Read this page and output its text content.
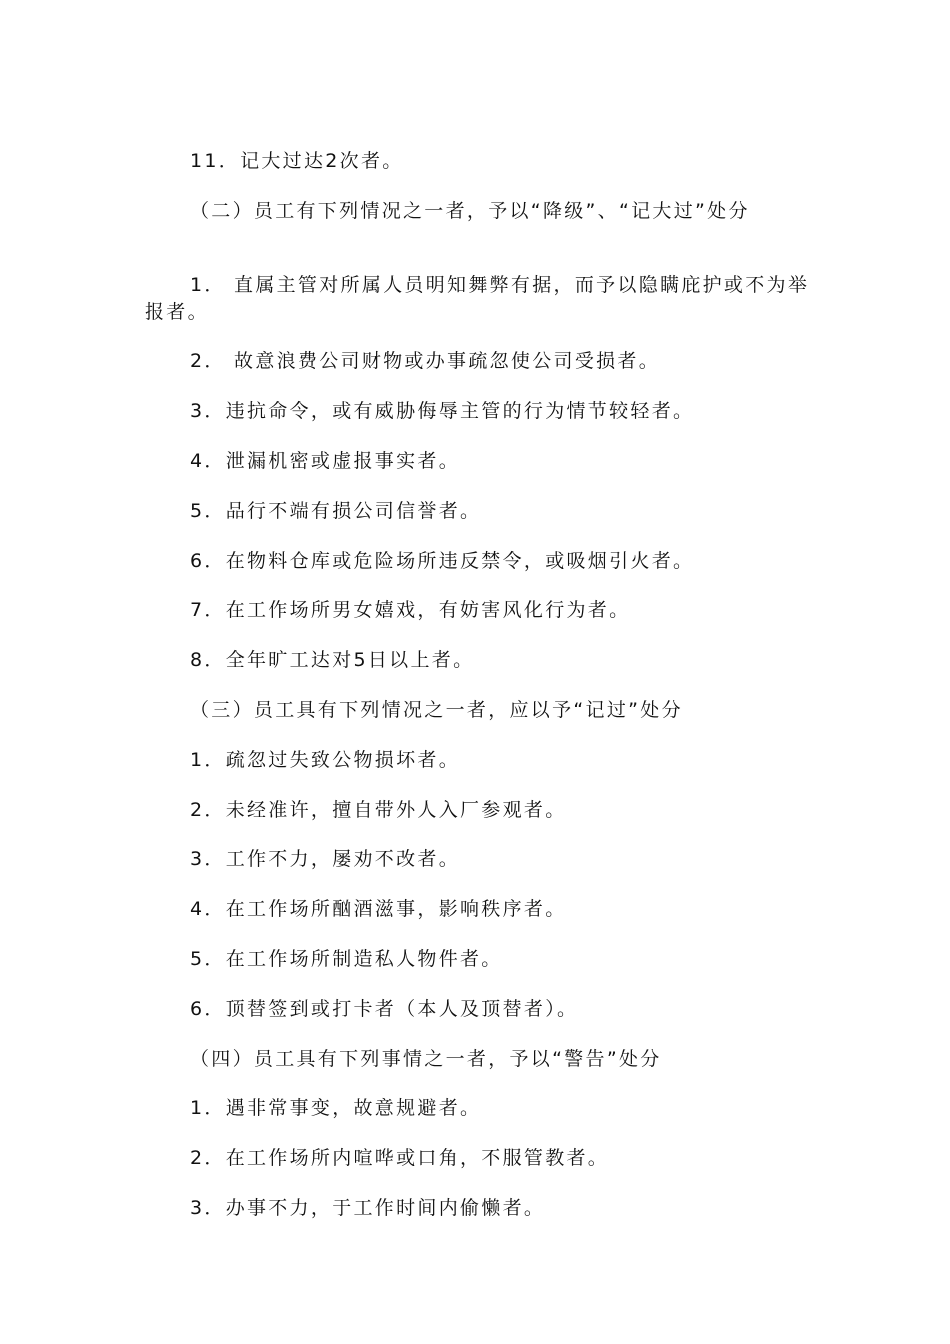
11．记大过达2次者。
（二）员工有下列情况之一者，予以“降级”、“记大过”处分
1． 直属主管对所属人员明知舞弊有据，而予以隐瞒庇护或不为举报者。
2． 故意浪费公司财物或办事疏忽使公司受损者。
3．违抗命令，或有威胁侮辱主管的行为情节较轻者。
4．泄漏机密或虚报事实者。
5．品行不端有损公司信誉者。
6．在物料仓库或危险场所违反禁令，或吸烟引火者。
7．在工作场所男女嬉戏，有妨害风化行为者。
8．全年旷工达对5日以上者。
（三）员工具有下列情况之一者，应以予“记过”处分
1．疏忽过失致公物损坏者。
2．未经准许，擅自带外人入厂参观者。
3．工作不力，屡劝不改者。
4．在工作场所酗酒滋事，影响秩序者。
5．在工作场所制造私人物件者。
6．顶替签到或打卡者（本人及顶替者）。
（四）员工具有下列事情之一者，予以“警告”处分
1．遇非常事变，故意规避者。
2．在工作场所内喧哗或口角，不服管教者。
3．办事不力，于工作时间内偷懒者。
